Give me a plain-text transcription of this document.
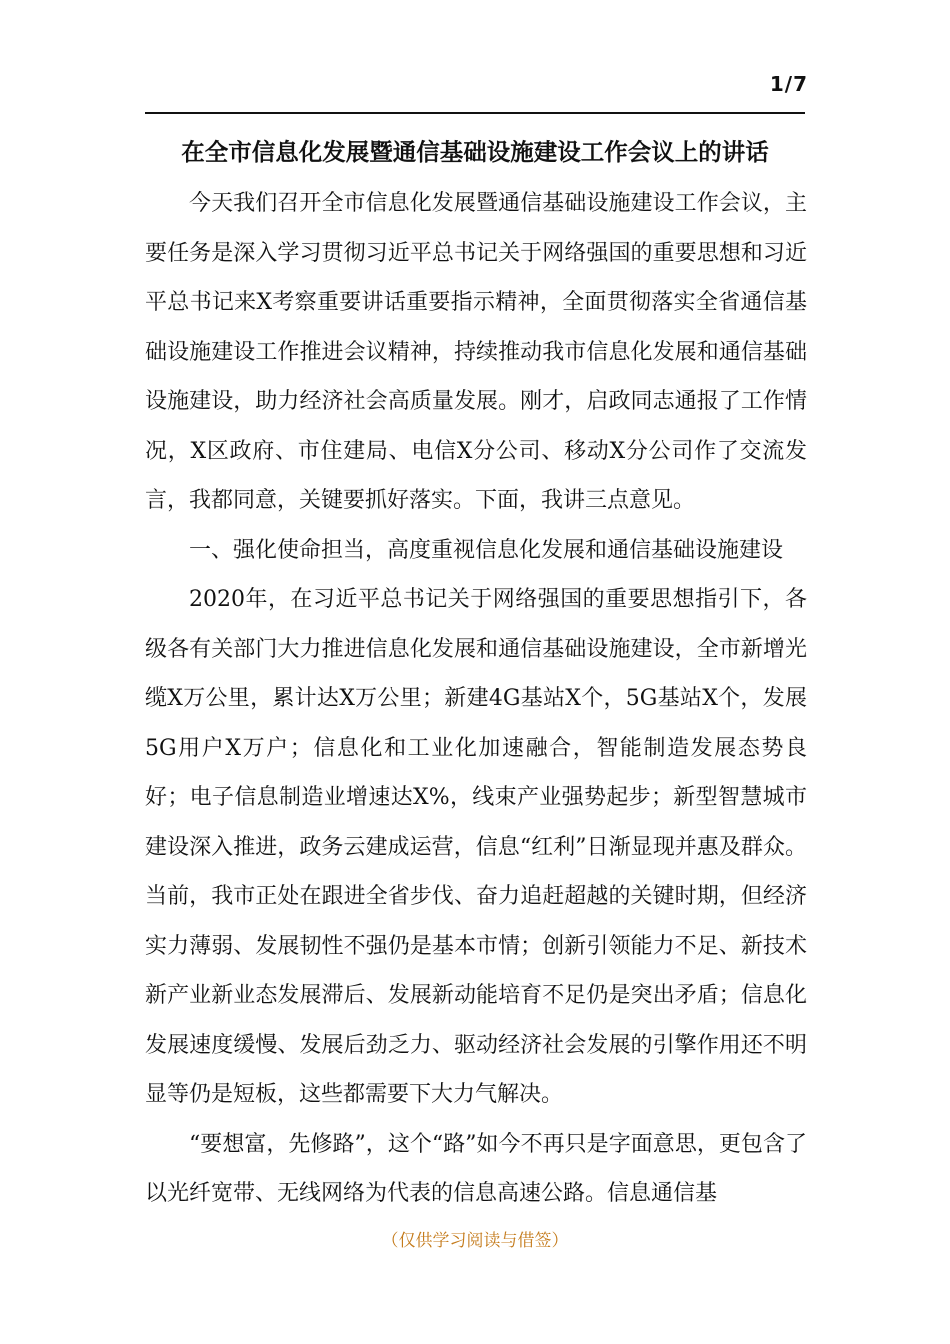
1/7
在全市信息化发展暨通信基础设施建设工作会议上的讲话

今天我们召开全市信息化发展暨通信基础设施建设工作会议，主要任务是深入学习贯彻习近平总书记关于网络强国的重要思想和习近平总书记来X考察重要讲话重要指示精神，全面贯彻落实全省通信基础设施建设工作推进会议精神，持续推动我市信息化发展和通信基础设施建设，助力经济社会高质量发展。刚才，启政同志通报了工作情况，X区政府、市住建局、电信X分公司、移动X分公司作了交流发言，我都同意，关键要抓好落实。下面，我讲三点意见。

一、强化使命担当，高度重视信息化发展和通信基础设施建设

2020年，在习近平总书记关于网络强国的重要思想指引下，各级各有关部门大力推进信息化发展和通信基础设施建设，全市新增光缆X万公里，累计达X万公里；新建4G基站X个，5G基站X个，发展5G用户X万户；信息化和工业化加速融合，智能制造发展态势良好；电子信息制造业增速达X%，线束产业强势起步；新型智慧城市建设深入推进，政务云建成运营，信息“红利”日渐显现并惠及群众。当前，我市正处在跟进全省步伐、奋力追赶超越的关键时期，但经济实力薄弱、发展韧性不强仍是基本市情；创新引领能力不足、新技术新产业新业态发展滞后、发展新动能培育不足仍是突出矛盾；信息化发展速度缓慢、发展后劲乏力、驱动经济社会发展的引擎作用还不明显等仍是短板，这些都需要下大力气解决。

“要想富，先修路”，这个“路”如今不再只是字面意思，更包含了以光纤宽带、无线网络为代表的信息高速公路。信息通信基

（仅供学习阅读与借签）
